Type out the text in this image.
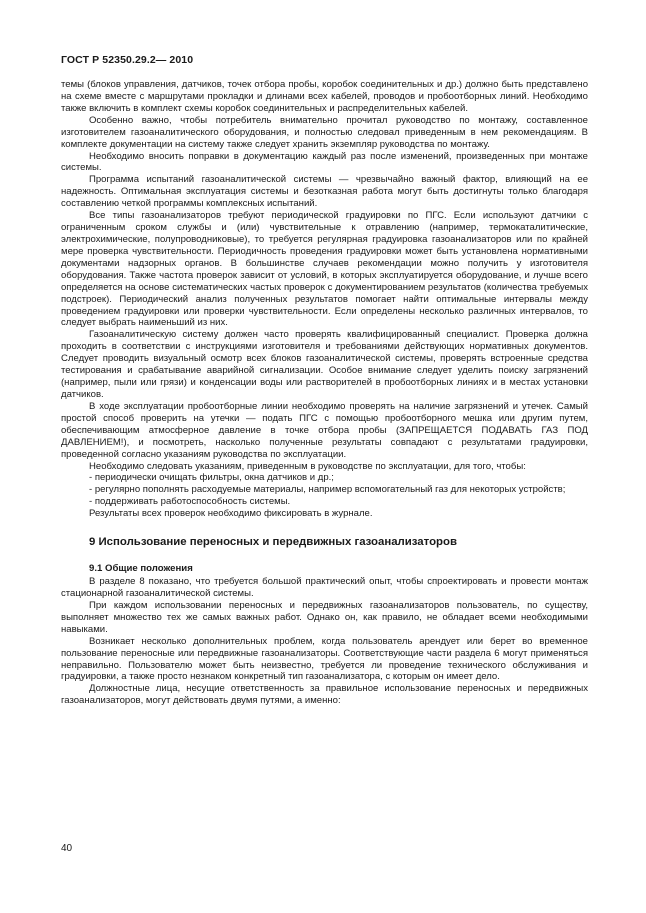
ГОСТ Р 52350.29.2— 2010

темы (блоков управления, датчиков, точек отбора пробы, коробок соединительных и др.) должно быть представлено на схеме вместе с маршрутами прокладки и длинами всех кабелей, проводов и пробоотборных линий. Необходимо также включить в комплект схемы коробок соединительных и распределительных кабелей.

Особенно важно, чтобы потребитель внимательно прочитал руководство по монтажу, составленное изготовителем газоаналитического оборудования, и полностью следовал приведенным в нем рекомендациям. В комплекте документации на систему также следует хранить экземпляр руководства по монтажу.

Необходимо вносить поправки в документацию каждый раз после изменений, произведенных при монтаже системы.

Программа испытаний газоаналитической системы — чрезвычайно важный фактор, влияющий на ее надежность. Оптимальная эксплуатация системы и безотказная работа могут быть достигнуты только благодаря составлению четкой программы комплексных испытаний.

Все типы газоанализаторов требуют периодической градуировки по ПГС. Если используют датчики с ограниченным сроком службы и (или) чувствительные к отравлению (например, термокаталитические, электрохимические, полупроводниковые), то требуется регулярная градуировка газоанализаторов или по крайней мере проверка чувствительности. Периодичность проведения градуировки может быть установлена нормативными документами надзорных органов. В большинстве случаев рекомендации можно получить у изготовителя оборудования. Также частота проверок зависит от условий, в которых эксплуатируется оборудование, и лучше всего определяется на основе систематических частых проверок с документированием результатов (количества требуемых подстроек). Периодический анализ полученных результатов помогает найти оптимальные интервалы между проведением градуировки или проверки чувствительности. Если определены несколько различных интервалов, то следует выбрать наименьший из них.

Газоаналитическую систему должен часто проверять квалифицированный специалист. Проверка должна проходить в соответствии с инструкциями изготовителя и требованиями действующих нормативных документов. Следует проводить визуальный осмотр всех блоков газоаналитической системы, проверять встроенные средства тестирования и срабатывание аварийной сигнализации. Особое внимание следует уделить поиску загрязнений (например, пыли или грязи) и конденсации воды или растворителей в пробоотборных линиях и в местах установки датчиков.

В ходе эксплуатации пробоотборные линии необходимо проверять на наличие загрязнений и утечек. Самый простой способ проверить на утечки — подать ПГС с помощью пробоотборного мешка или другим путем, обеспечивающим атмосферное давление в точке отбора пробы (ЗАПРЕЩАЕТСЯ ПОДАВАТЬ ГАЗ ПОД ДАВЛЕНИЕМ!), и посмотреть, насколько полученные результаты совпадают с результатами градуировки, проведенной согласно указаниям руководства по эксплуатации.

Необходимо следовать указаниям, приведенным в руководстве по эксплуатации, для того, чтобы:

- периодически очищать фильтры, окна датчиков и др.;

- регулярно пополнять расходуемые материалы, например вспомогательный газ для некоторых устройств;

- поддерживать работоспособность системы.

Результаты всех проверок необходимо фиксировать в журнале.

9 Использование переносных и передвижных газоанализаторов
9.1 Общие положения

В разделе 8 показано, что требуется большой практический опыт, чтобы спроектировать и провести монтаж стационарной газоаналитической системы.

При каждом использовании переносных и передвижных газоанализаторов пользователь, по существу, выполняет множество тех же самых важных работ. Однако он, как правило, не обладает всеми необходимыми навыками.

Возникает несколько дополнительных проблем, когда пользователь арендует или берет во временное пользование переносные или передвижные газоанализаторы. Соответствующие части раздела 6 могут применяться неправильно. Пользователю может быть неизвестно, требуется ли проведение технического обслуживания и градуировки, а также просто незнаком конкретный тип газоанализатора, с которым он имеет дело.

Должностные лица, несущие ответственность за правильное использование переносных и передвижных газоанализаторов, могут действовать двумя путями, а именно:

40
